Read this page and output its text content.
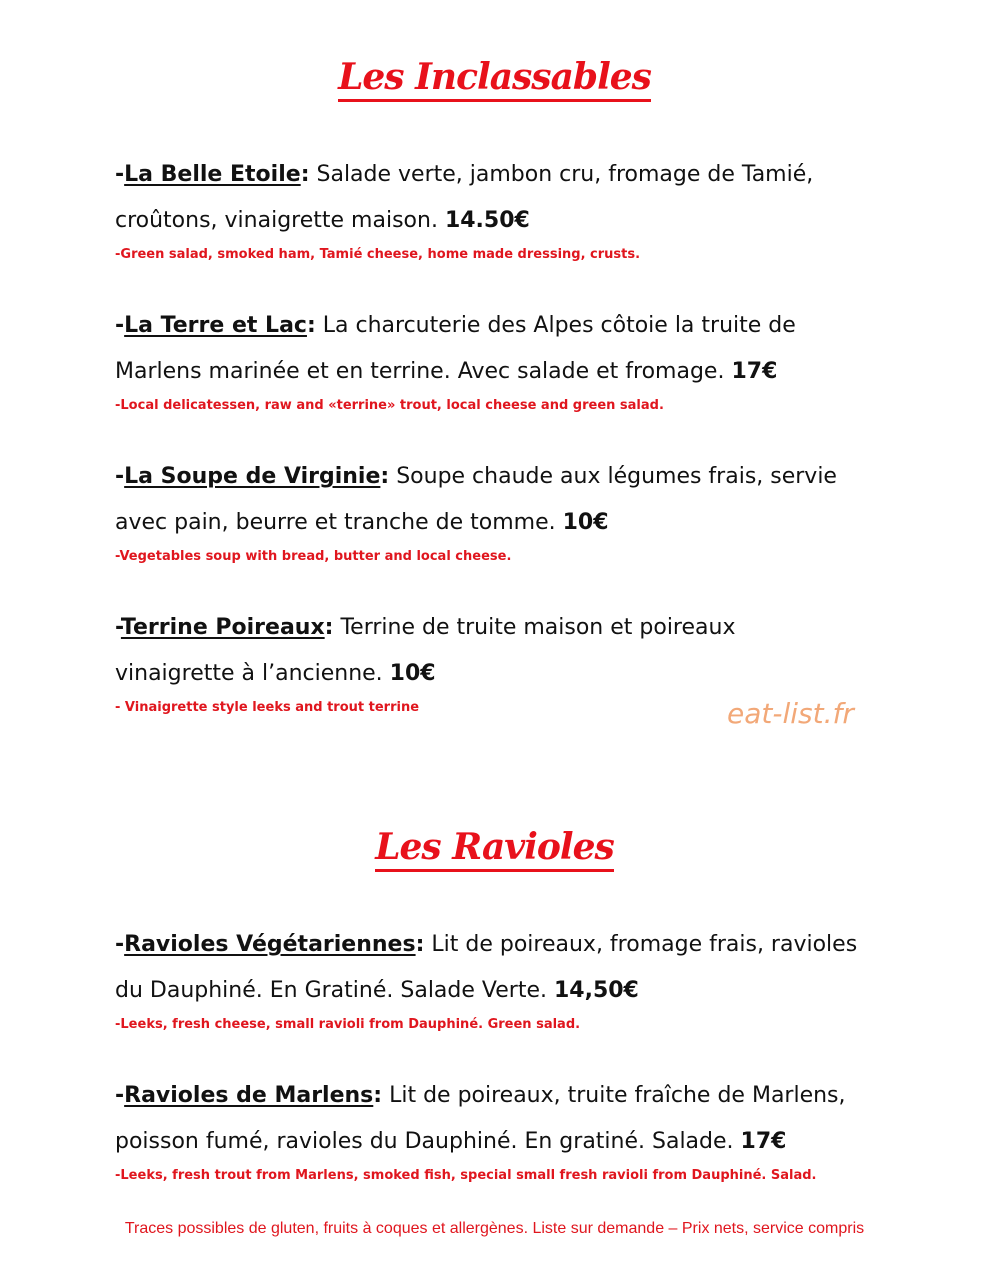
Les Inclassables
-La Belle Etoile: Salade verte, jambon cru, fromage de Tamié,
croûtons, vinaigrette maison. 14.50€
-Green salad, smoked ham, Tamié cheese, home made dressing, crusts.
-La Terre et Lac: La charcuterie des Alpes côtoie la truite de
Marlens marinée et en terrine. Avec salade et fromage. 17€
-Local delicatessen, raw and «terrine» trout, local cheese and green salad.
-La Soupe de Virginie: Soupe chaude aux légumes frais, servie
avec pain, beurre et tranche de tomme. 10€
-Vegetables soup with bread, butter and local cheese.
-Terrine Poireaux: Terrine de truite maison et poireaux
vinaigrette à l’ancienne. 10€
- Vinaigrette style leeks and trout terrine	eat-list.fr
Les Ravioles
-Ravioles Végétariennes: Lit de poireaux, fromage frais, ravioles
du Dauphiné. En Gratiné. Salade Verte. 14,50€
-Leeks, fresh cheese, small ravioli from Dauphiné. Green salad.
-Ravioles de Marlens: Lit de poireaux, truite fraîche de Marlens,
poisson fumé, ravioles du Dauphiné. En gratiné. Salade. 17€
-Leeks, fresh trout from Marlens, smoked fish, special small fresh ravioli from Dauphiné. Salad.
Traces possibles de gluten, fruits à coques et allergènes. Liste sur demande – Prix nets, service compris
